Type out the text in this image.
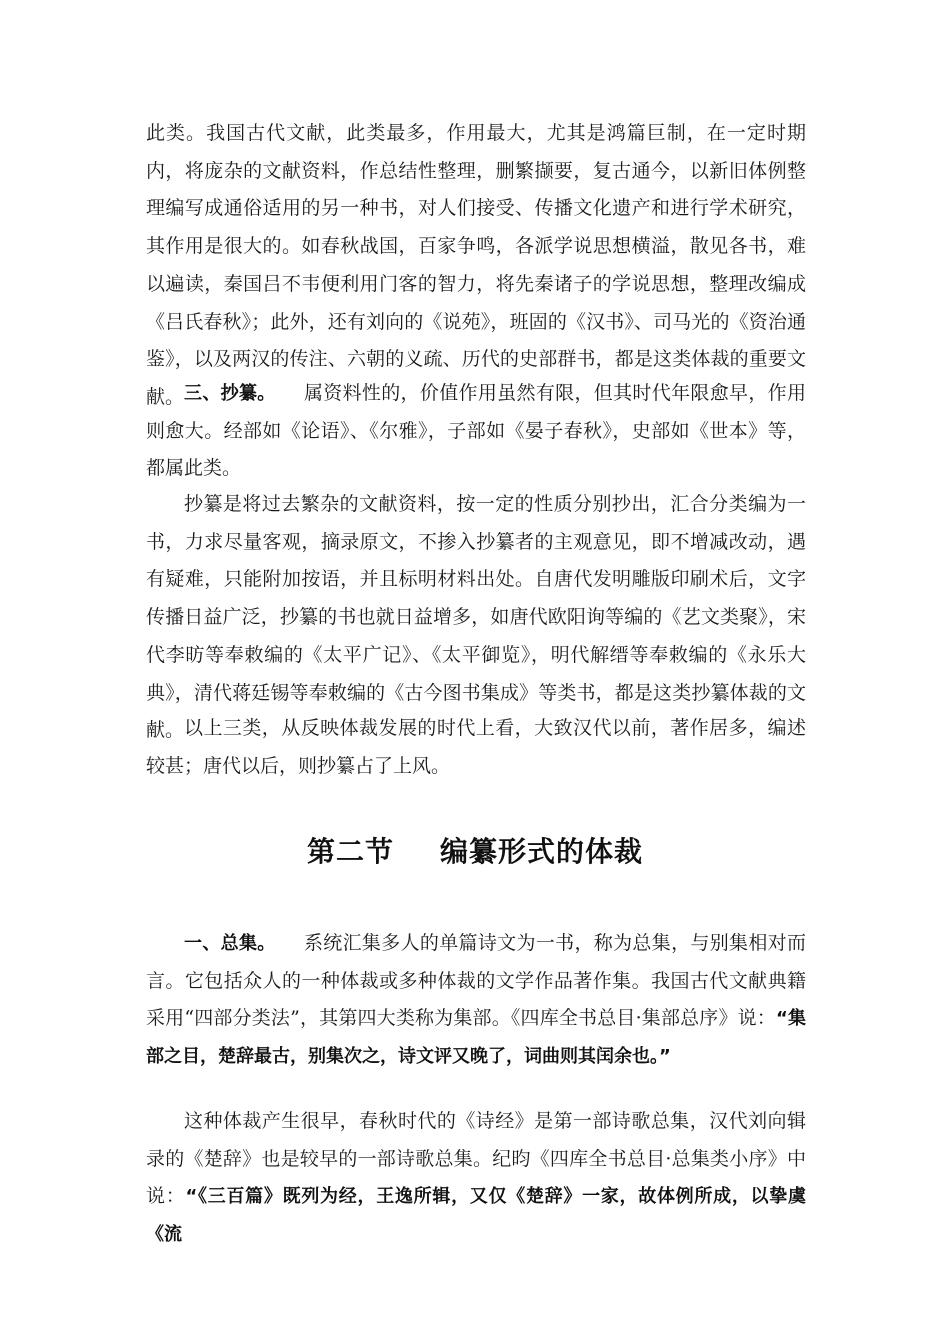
此类。我国古代文献，此类最多，作用最大，尤其是鸿篇巨制，在一定时期内，将庞杂的文献资料，作总结性整理，删繁撷要，复古通今，以新旧体例整理编写成通俗适用的另一种书，对人们接受、传播文化遗产和进行学术研究，其作用是很大的。如春秋战国，百家争鸣，各派学说思想横溢，散见各书，难以遍读，秦国吕不韦便利用门客的智力，将先秦诸子的学说思想，整理改编成《吕氏春秋》；此外，还有刘向的《说苑》，班固的《汉书》、司马光的《资治通鉴》，以及两汉的传注、六朝的义疏、历代的史部群书，都是这类体裁的重要文献。 三、抄纂。 属资料性的，价值作用虽然有限，但其时代年限愈早，作用则愈大。经部如《论语》、《尔雅》，子部如《晏子春秋》，史部如《世本》等，都属此类。

抄纂是将过去繁杂的文献资料，按一定的性质分别抄出，汇合分类编为一书，力求尽量客观，摘录原文，不掺入抄纂者的主观意见，即不增减改动，遇有疑难，只能附加按语，并且标明材料出处。自唐代发明雕版印刷术后，文字传播日益广泛，抄纂的书也就日益增多，如唐代欧阳询等编的《艺文类聚》，宋代李昉等奉敕编的《太平广记》、《太平御览》，明代解缙等奉敕编的《永乐大典》，清代蒋廷锡等奉敕编的《古今图书集成》等类书，都是这类抄纂体裁的文献。 以上三类，从反映体裁发展的时代上看，大致汉代以前，著作居多，编述较甚；唐代以后，则抄纂占了上风。

第二节 编纂形式的体裁

一、总集。 系统汇集多人的单篇诗文为一书，称为总集，与别集相对而言。它包括众人的一种体裁或多种体裁的文学作品著作集。我国古代文献典籍采用“四部分类法”，其第四大类称为集部。《四库全书总目·集部总序》说：“集部之目，楚辞最古，别集次之，诗文评又晚了，词曲则其闰余也。”

这种体裁产生很早，春秋时代的《诗经》是第一部诗歌总集，汉代刘向辑录的《楚辞》也是较早的一部诗歌总集。纪昀《四库全书总目·总集类小序》中说：“《三百篇》既列为经，王逸所辑，又仅《楚辞》一家，故体例所成，以挚虞《流
